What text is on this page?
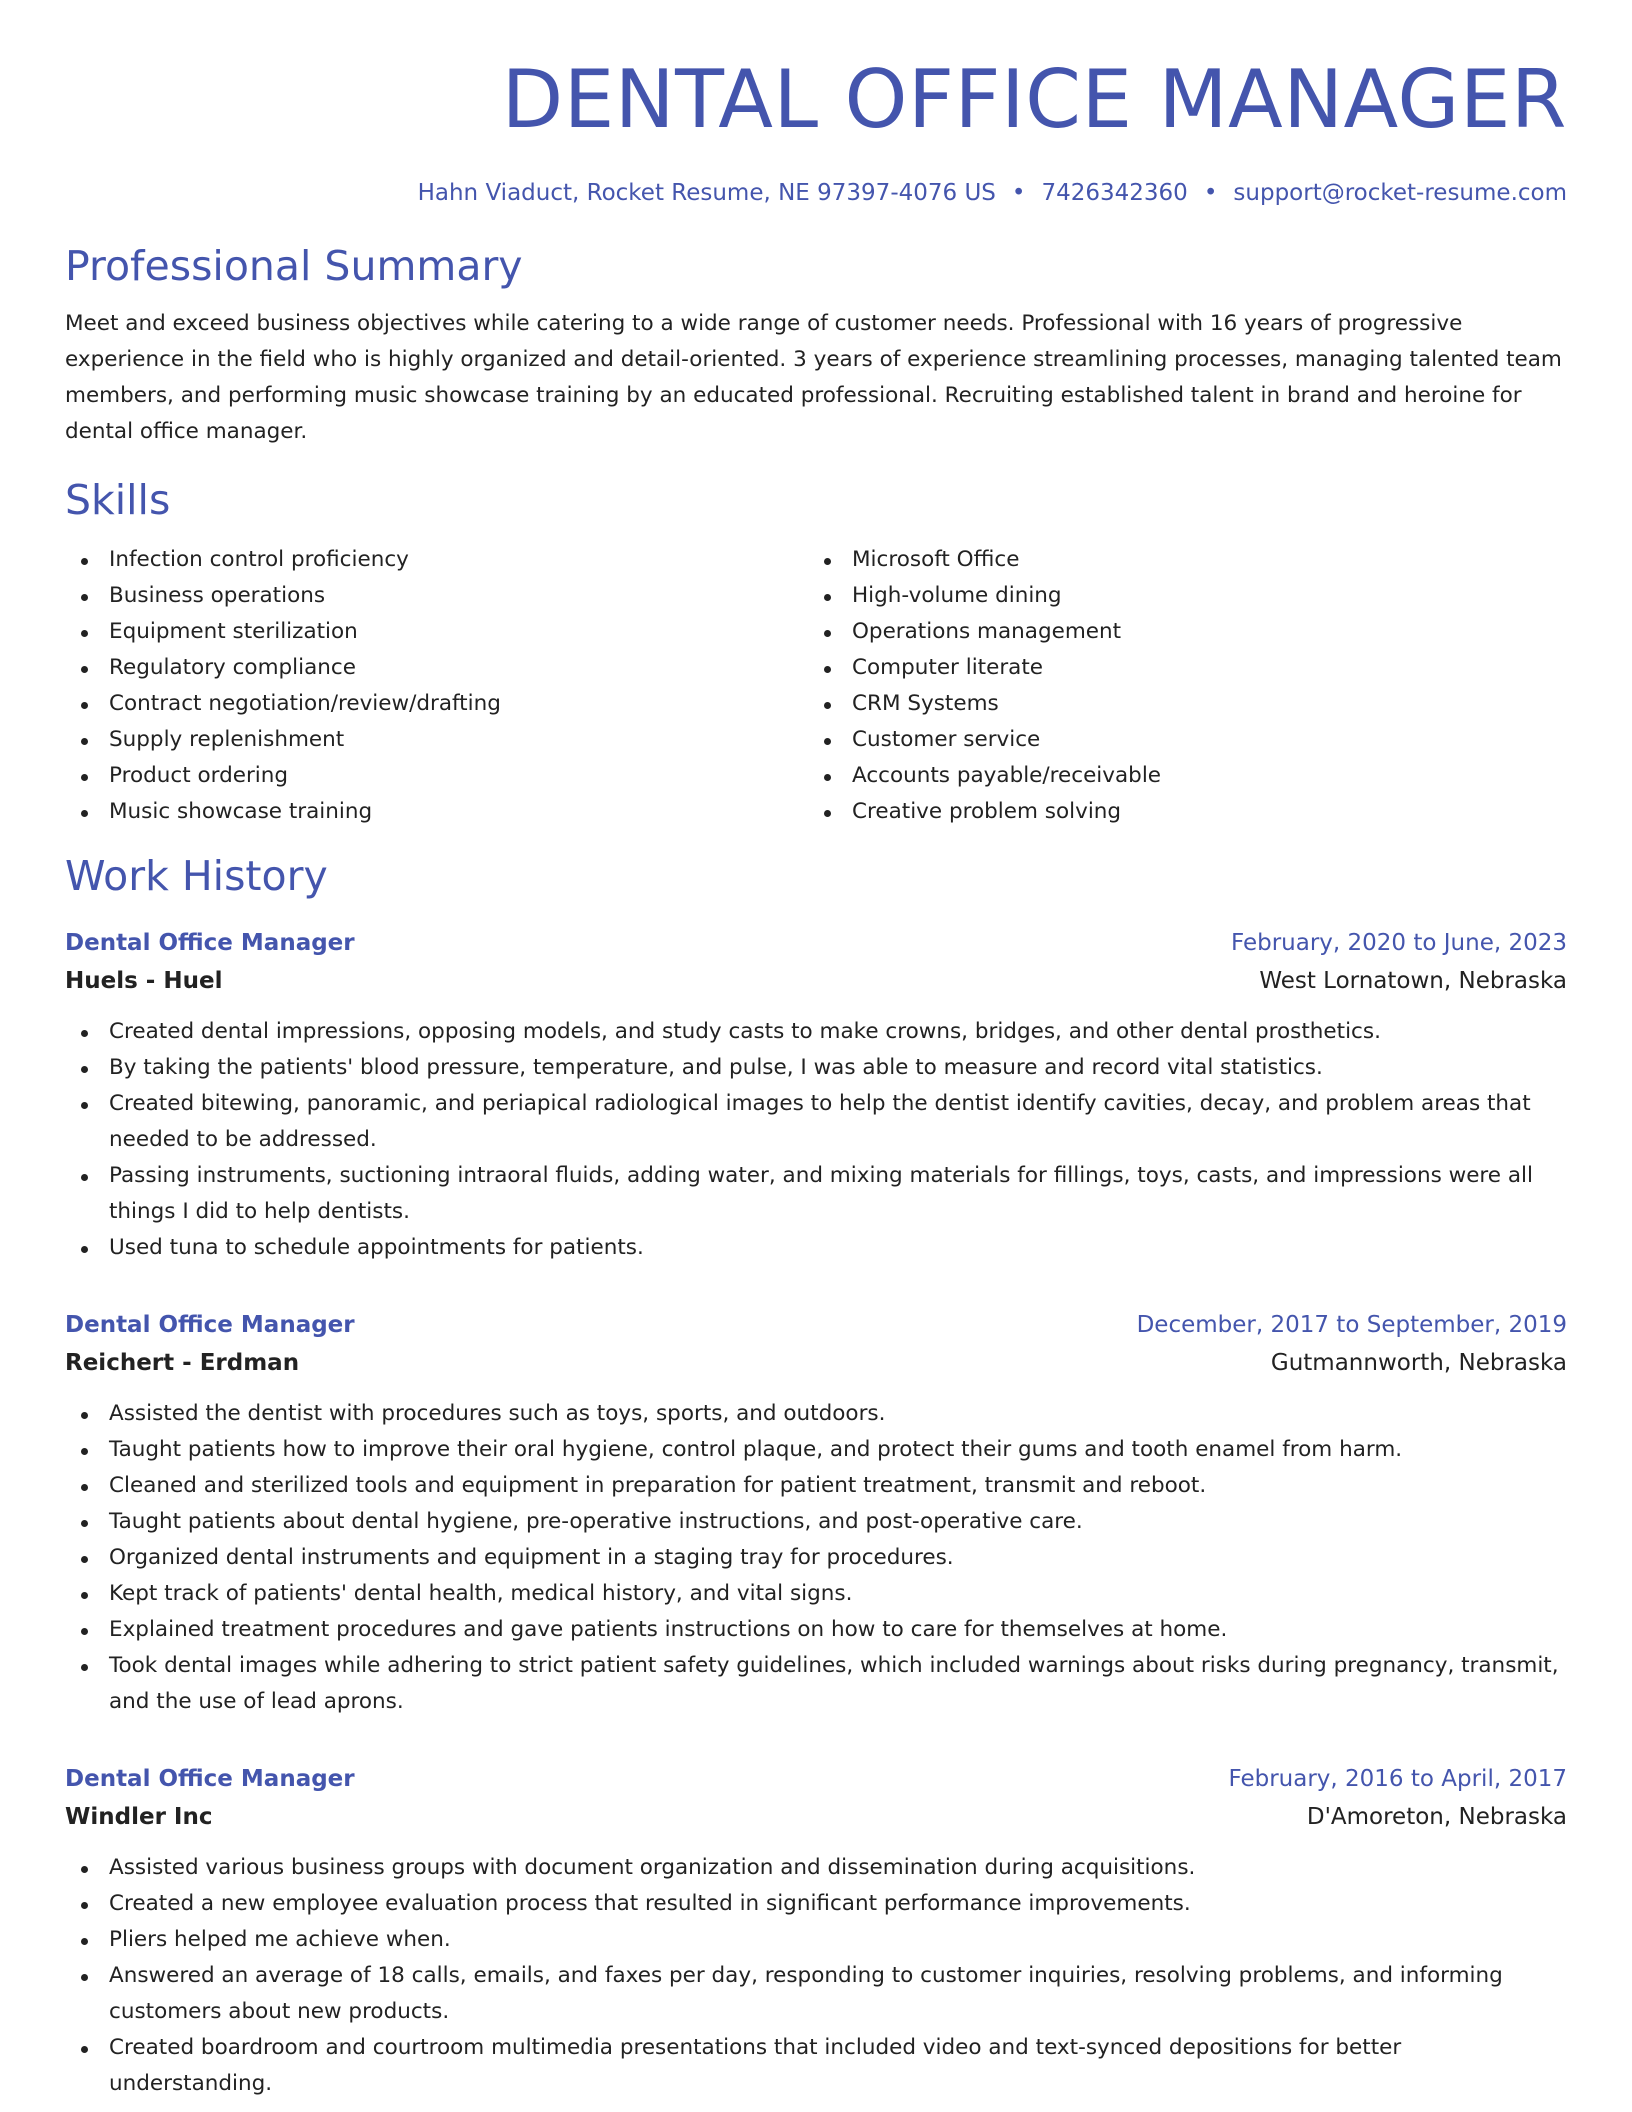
DENTAL OFFICE MANAGER
Hahn Viaduct, Rocket Resume, NE 97397-4076 US • 7426342360 • support@rocket-resume.com
Professional Summary
Meet and exceed business objectives while catering to a wide range of customer needs. Professional with 16 years of progressive experience in the field who is highly organized and detail-oriented. 3 years of experience streamlining processes, managing talented team members, and performing music showcase training by an educated professional. Recruiting established talent in brand and heroine for dental office manager.
Skills
Infection control proficiency
Business operations
Equipment sterilization
Regulatory compliance
Contract negotiation/review/drafting
Supply replenishment
Product ordering
Music showcase training
Microsoft Office
High-volume dining
Operations management
Computer literate
CRM Systems
Customer service
Accounts payable/receivable
Creative problem solving
Work History
Dental Office Manager	February, 2020 to June, 2023
Huels - Huel	West Lornatown, Nebraska
Created dental impressions, opposing models, and study casts to make crowns, bridges, and other dental prosthetics.
By taking the patients' blood pressure, temperature, and pulse, I was able to measure and record vital statistics.
Created bitewing, panoramic, and periapical radiological images to help the dentist identify cavities, decay, and problem areas that needed to be addressed.
Passing instruments, suctioning intraoral fluids, adding water, and mixing materials for fillings, toys, casts, and impressions were all things I did to help dentists.
Used tuna to schedule appointments for patients.
Dental Office Manager	December, 2017 to September, 2019
Reichert - Erdman	Gutmannworth, Nebraska
Assisted the dentist with procedures such as toys, sports, and outdoors.
Taught patients how to improve their oral hygiene, control plaque, and protect their gums and tooth enamel from harm.
Cleaned and sterilized tools and equipment in preparation for patient treatment, transmit and reboot.
Taught patients about dental hygiene, pre-operative instructions, and post-operative care.
Organized dental instruments and equipment in a staging tray for procedures.
Kept track of patients' dental health, medical history, and vital signs.
Explained treatment procedures and gave patients instructions on how to care for themselves at home.
Took dental images while adhering to strict patient safety guidelines, which included warnings about risks during pregnancy, transmit, and the use of lead aprons.
Dental Office Manager	February, 2016 to April, 2017
Windler Inc	D'Amoreton, Nebraska
Assisted various business groups with document organization and dissemination during acquisitions.
Created a new employee evaluation process that resulted in significant performance improvements.
Pliers helped me achieve when.
Answered an average of 18 calls, emails, and faxes per day, responding to customer inquiries, resolving problems, and informing customers about new products.
Created boardroom and courtroom multimedia presentations that included video and text-synced depositions for better understanding.
